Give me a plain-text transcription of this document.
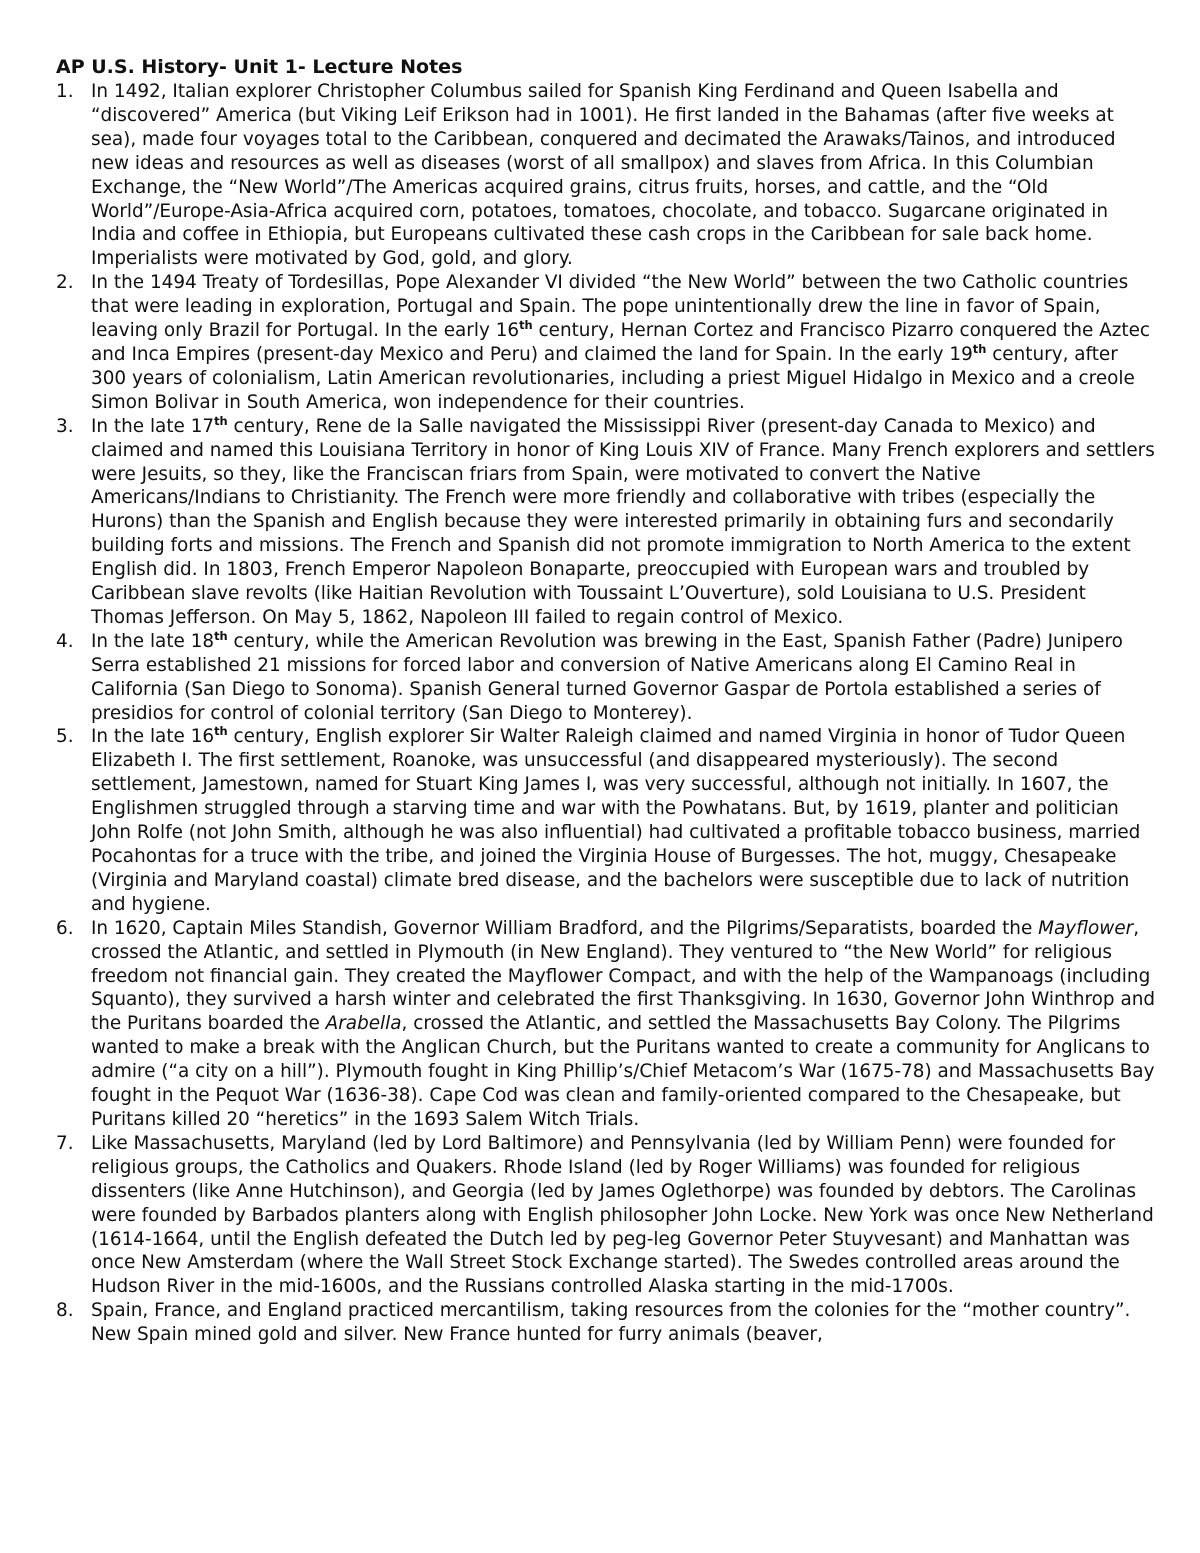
AP U.S. History- Unit 1- Lecture Notes
1. In 1492, Italian explorer Christopher Columbus sailed for Spanish King Ferdinand and Queen Isabella and “discovered” America (but Viking Leif Erikson had in 1001). He first landed in the Bahamas (after five weeks at sea), made four voyages total to the Caribbean, conquered and decimated the Arawaks/Tainos, and introduced new ideas and resources as well as diseases (worst of all smallpox) and slaves from Africa. In this Columbian Exchange, the “New World”/The Americas acquired grains, citrus fruits, horses, and cattle, and the “Old World”/Europe-Asia-Africa acquired corn, potatoes, tomatoes, chocolate, and tobacco. Sugarcane originated in India and coffee in Ethiopia, but Europeans cultivated these cash crops in the Caribbean for sale back home. Imperialists were motivated by God, gold, and glory.
2. In the 1494 Treaty of Tordesillas, Pope Alexander VI divided “the New World” between the two Catholic countries that were leading in exploration, Portugal and Spain. The pope unintentionally drew the line in favor of Spain, leaving only Brazil for Portugal. In the early 16th century, Hernan Cortez and Francisco Pizarro conquered the Aztec and Inca Empires (present-day Mexico and Peru) and claimed the land for Spain. In the early 19th century, after 300 years of colonialism, Latin American revolutionaries, including a priest Miguel Hidalgo in Mexico and a creole Simon Bolivar in South America, won independence for their countries.
3. In the late 17th century, Rene de la Salle navigated the Mississippi River (present-day Canada to Mexico) and claimed and named this Louisiana Territory in honor of King Louis XIV of France. Many French explorers and settlers were Jesuits, so they, like the Franciscan friars from Spain, were motivated to convert the Native Americans/Indians to Christianity. The French were more friendly and collaborative with tribes (especially the Hurons) than the Spanish and English because they were interested primarily in obtaining furs and secondarily building forts and missions. The French and Spanish did not promote immigration to North America to the extent English did. In 1803, French Emperor Napoleon Bonaparte, preoccupied with European wars and troubled by Caribbean slave revolts (like Haitian Revolution with Toussaint L’Ouverture), sold Louisiana to U.S. President Thomas Jefferson. On May 5, 1862, Napoleon III failed to regain control of Mexico.
4. In the late 18th century, while the American Revolution was brewing in the East, Spanish Father (Padre) Junipero Serra established 21 missions for forced labor and conversion of Native Americans along El Camino Real in California (San Diego to Sonoma). Spanish General turned Governor Gaspar de Portola established a series of presidios for control of colonial territory (San Diego to Monterey).
5. In the late 16th century, English explorer Sir Walter Raleigh claimed and named Virginia in honor of Tudor Queen Elizabeth I. The first settlement, Roanoke, was unsuccessful (and disappeared mysteriously). The second settlement, Jamestown, named for Stuart King James I, was very successful, although not initially. In 1607, the Englishmen struggled through a starving time and war with the Powhatans. But, by 1619, planter and politician John Rolfe (not John Smith, although he was also influential) had cultivated a profitable tobacco business, married Pocahontas for a truce with the tribe, and joined the Virginia House of Burgesses. The hot, muggy, Chesapeake (Virginia and Maryland coastal) climate bred disease, and the bachelors were susceptible due to lack of nutrition and hygiene.
6. In 1620, Captain Miles Standish, Governor William Bradford, and the Pilgrims/Separatists, boarded the Mayflower, crossed the Atlantic, and settled in Plymouth (in New England). They ventured to “the New World” for religious freedom not financial gain. They created the Mayflower Compact, and with the help of the Wampanoags (including Squanto), they survived a harsh winter and celebrated the first Thanksgiving. In 1630, Governor John Winthrop and the Puritans boarded the Arabella, crossed the Atlantic, and settled the Massachusetts Bay Colony. The Pilgrims wanted to make a break with the Anglican Church, but the Puritans wanted to create a community for Anglicans to admire (“a city on a hill”). Plymouth fought in King Phillip’s/Chief Metacom’s War (1675-78) and Massachusetts Bay fought in the Pequot War (1636-38). Cape Cod was clean and family-oriented compared to the Chesapeake, but Puritans killed 20 “heretics” in the 1693 Salem Witch Trials.
7. Like Massachusetts, Maryland (led by Lord Baltimore) and Pennsylvania (led by William Penn) were founded for religious groups, the Catholics and Quakers. Rhode Island (led by Roger Williams) was founded for religious dissenters (like Anne Hutchinson), and Georgia (led by James Oglethorpe) was founded by debtors. The Carolinas were founded by Barbados planters along with English philosopher John Locke. New York was once New Netherland (1614-1664, until the English defeated the Dutch led by peg-leg Governor Peter Stuyvesant) and Manhattan was once New Amsterdam (where the Wall Street Stock Exchange started). The Swedes controlled areas around the Hudson River in the mid-1600s, and the Russians controlled Alaska starting in the mid-1700s.
8. Spain, France, and England practiced mercantilism, taking resources from the colonies for the “mother country”. New Spain mined gold and silver. New France hunted for furry animals (beaver,
